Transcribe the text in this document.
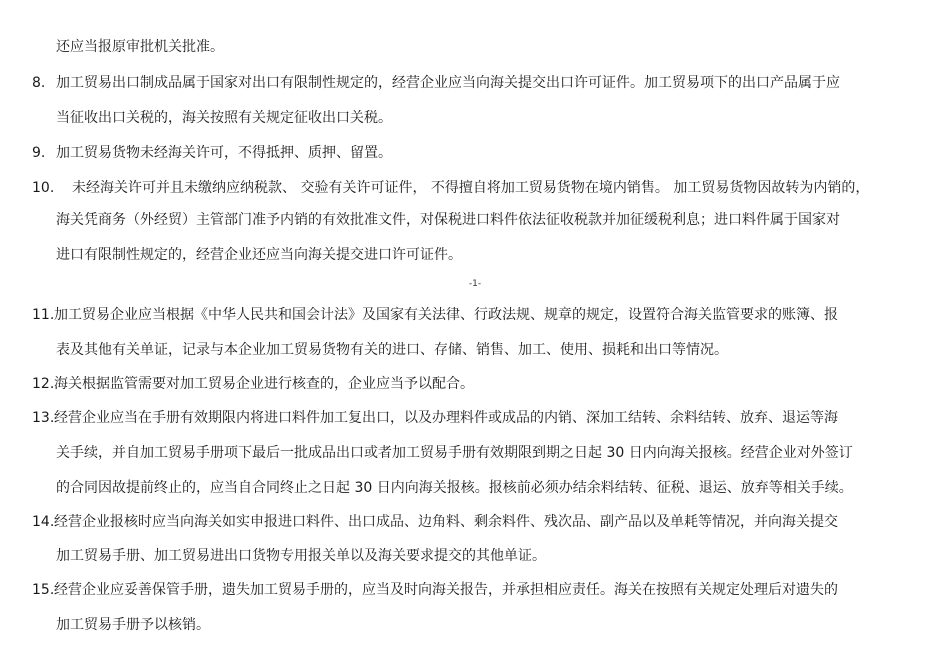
还应当报原审批机关批准。
8. 加工贸易出口制成品属于国家对出口有限制性规定的，经营企业应当向海关提交出口许可证件。加工贸易项下的出口产品属于应
当征收出口关税的，海关按照有关规定征收出口关税。
9. 加工贸易货物未经海关许可，不得抵押、质押、留置。
10. 未经海关许可并且未缴纳应纳税款、 交验有关许可证件， 不得擅自将加工贸易货物在境内销售。 加工贸易货物因故转为内销的，
海关凭商务（外经贸）主管部门准予内销的有效批准文件，对保税进口料件依法征收税款并加征缓税利息；进口料件属于国家对
进口有限制性规定的，经营企业还应当向海关提交进口许可证件。
-1-
11. 加工贸易企业应当根据《中华人民共和国会计法》及国家有关法律、行政法规、规章的规定，设置符合海关监管要求的账簿、报
表及其他有关单证，记录与本企业加工贸易货物有关的进口、存储、销售、加工、使用、损耗和出口等情况。
12. 海关根据监管需要对加工贸易企业进行核查的，企业应当予以配合。
13. 经营企业应当在手册有效期限内将进口料件加工复出口，以及办理料件或成品的内销、深加工结转、余料结转、放弃、退运等海
关手续，并自加工贸易手册项下最后一批成品出口或者加工贸易手册有效期限到期之日起 30 日内向海关报核。经营企业对外签订
的合同因故提前终止的，应当自合同终止之日起 30 日内向海关报核。报核前必须办结余料结转、征税、退运、放弃等相关手续。
14. 经营企业报核时应当向海关如实申报进口料件、出口成品、边角料、剩余料件、残次品、副产品以及单耗等情况，并向海关提交
加工贸易手册、加工贸易进出口货物专用报关单以及海关要求提交的其他单证。
15. 经营企业应妥善保管手册，遗失加工贸易手册的，应当及时向海关报告，并承担相应责任。海关在按照有关规定处理后对遗失的
加工贸易手册予以核销。
